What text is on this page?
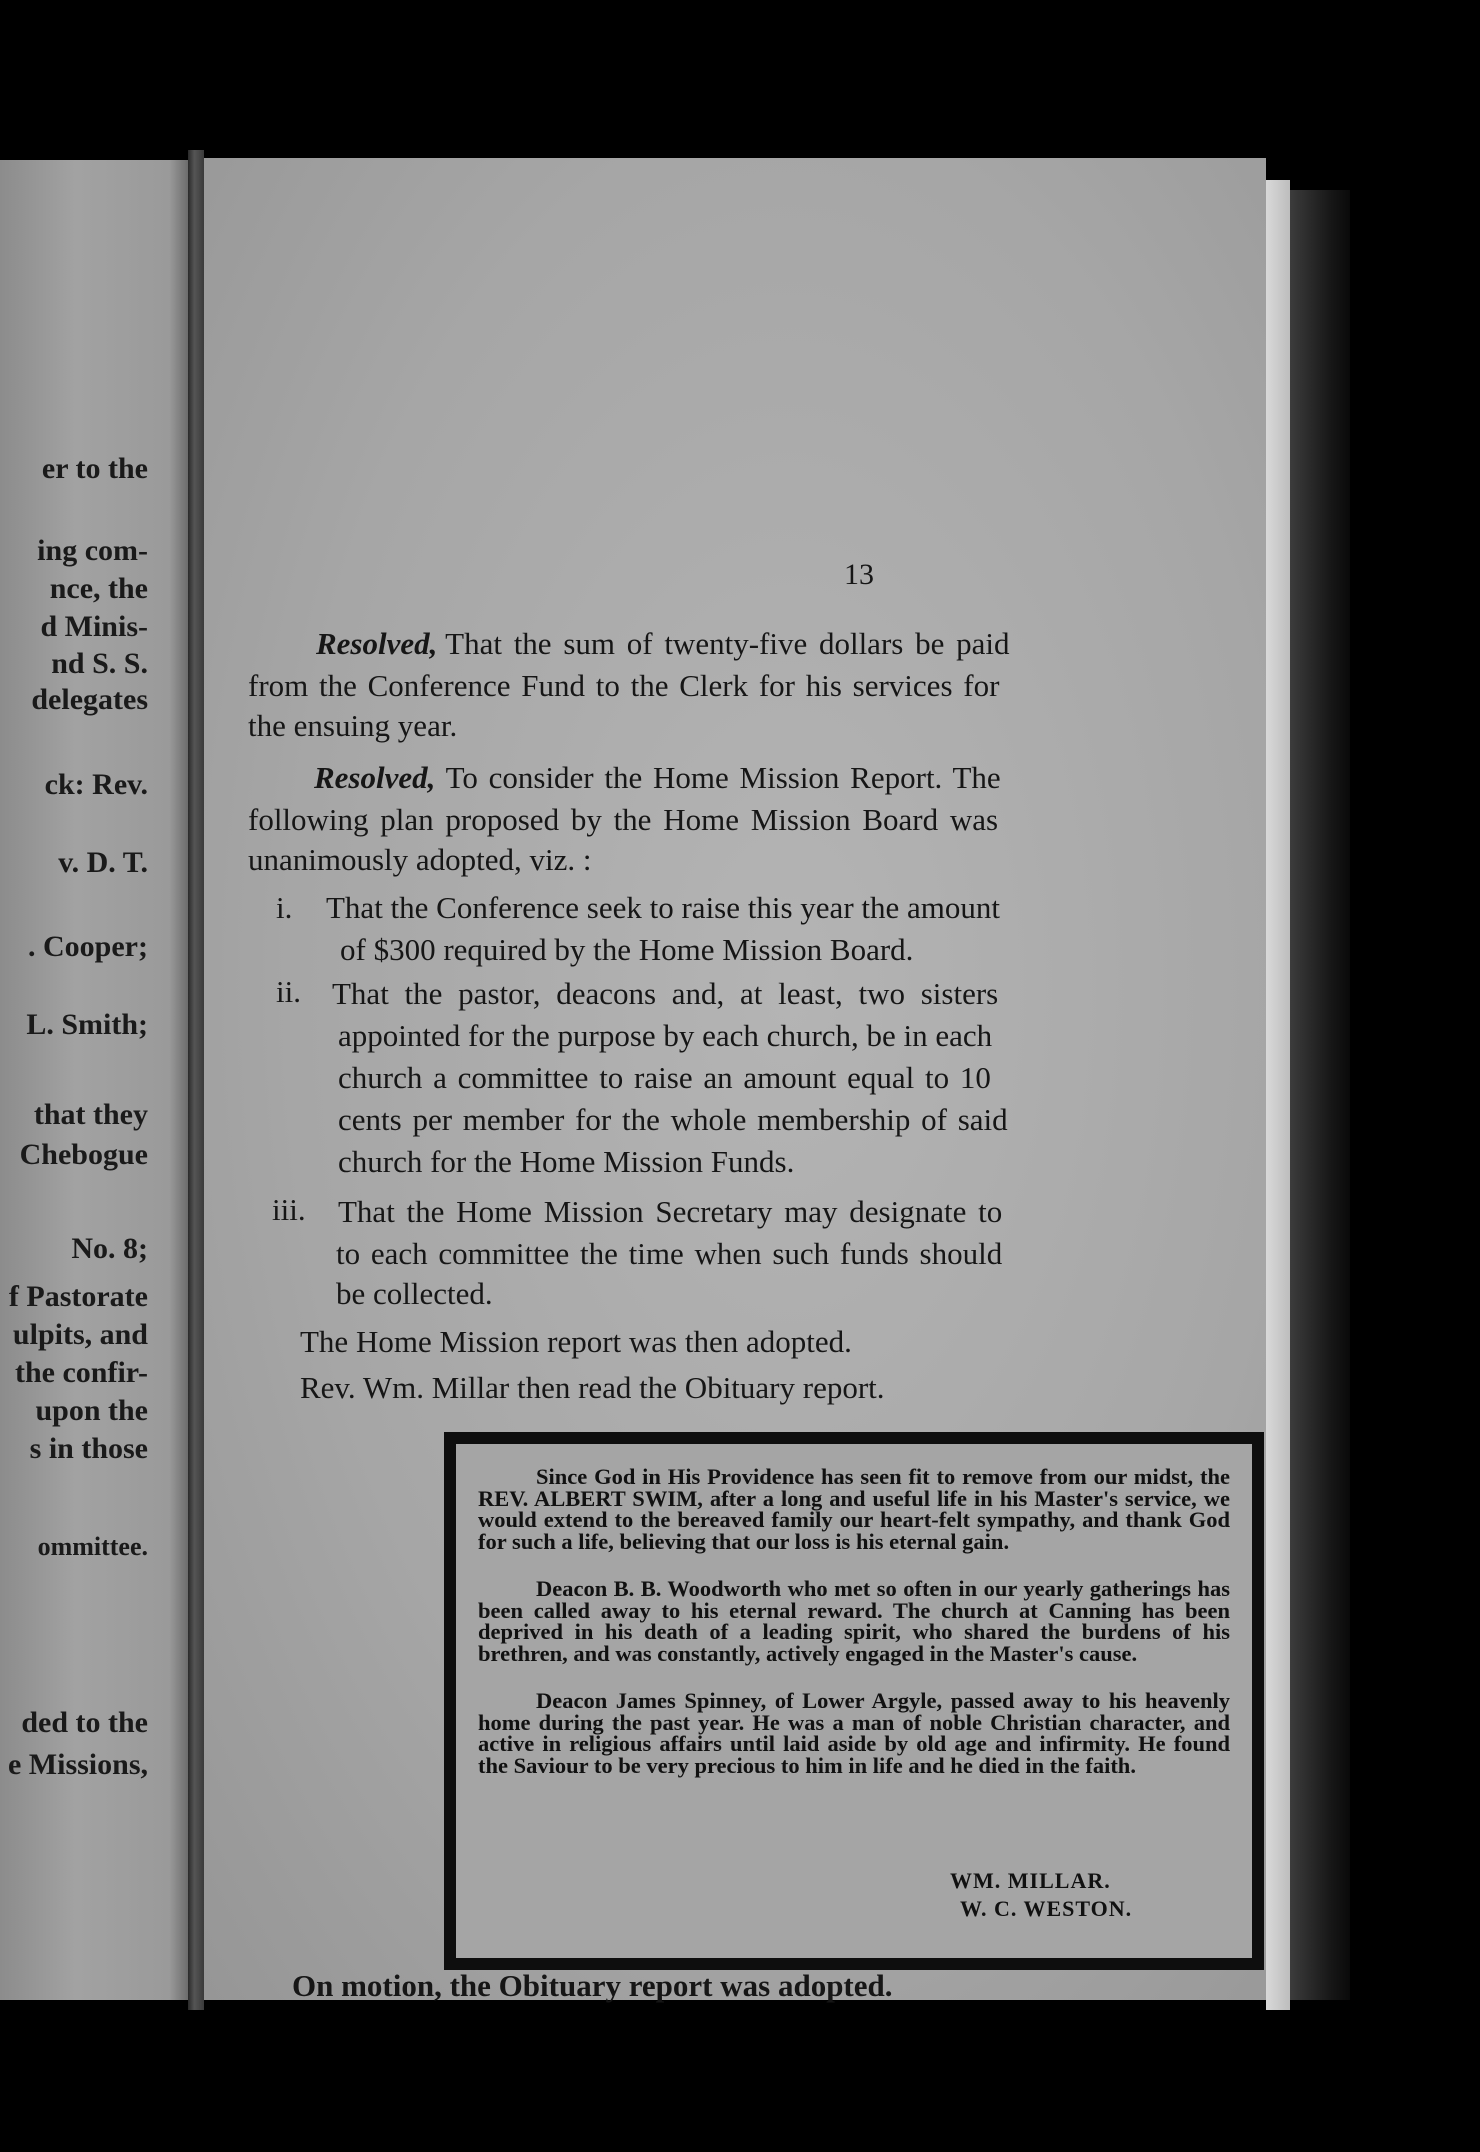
er to the
ing com-
nce, the
d Minis-
nd S. S.
delegates
ck: Rev.
v. D. T.
. Cooper;
L. Smith;
that they
Chebogue
No. 8;
f Pastorate
ulpits, and
the confir-
upon the
s in those
ommittee.
ded to the
e Missions,
13
Resolved, That the sum of twenty-five dollars be paid
from the Conference Fund to the Clerk for his services for
the ensuing year.
Resolved, To consider the Home Mission Report. The
following plan proposed by the Home Mission Board was
unanimously adopted, viz. :
i. That the Conference seek to raise this year the amount
of $300 required by the Home Mission Board.
ii. That the pastor, deacons and, at least, two sisters
appointed for the purpose by each church, be in each
church a committee to raise an amount equal to 10
cents per member for the whole membership of said
church for the Home Mission Funds.
iii. That the Home Mission Secretary may designate to
to each committee the time when such funds should
be collected.
The Home Mission report was then adopted.
Rev. Wm. Millar then read the Obituary report.
Since God in His Providence has seen fit to remove from our midst, the REV. ALBERT SWIM, after a long and useful life in his Master's service, we would extend to the bereaved family our heart-felt sympathy, and thank God for such a life, believing that our loss is his eternal gain.
Deacon B. B. Woodworth who met so often in our yearly gatherings has been called away to his eternal reward. The church at Canning has been deprived in his death of a leading spirit, who shared the burdens of his brethren, and was constantly, actively engaged in the Master's cause.
Deacon James Spinney, of Lower Argyle, passed away to his heavenly home during the past year. He was a man of noble Christian character, and active in religious affairs until laid aside by old age and infirmity. He found the Saviour to be very precious to him in life and he died in the faith.
WM. MILLAR.
W. C. WESTON.
On motion, the Obituary report was adopted.
